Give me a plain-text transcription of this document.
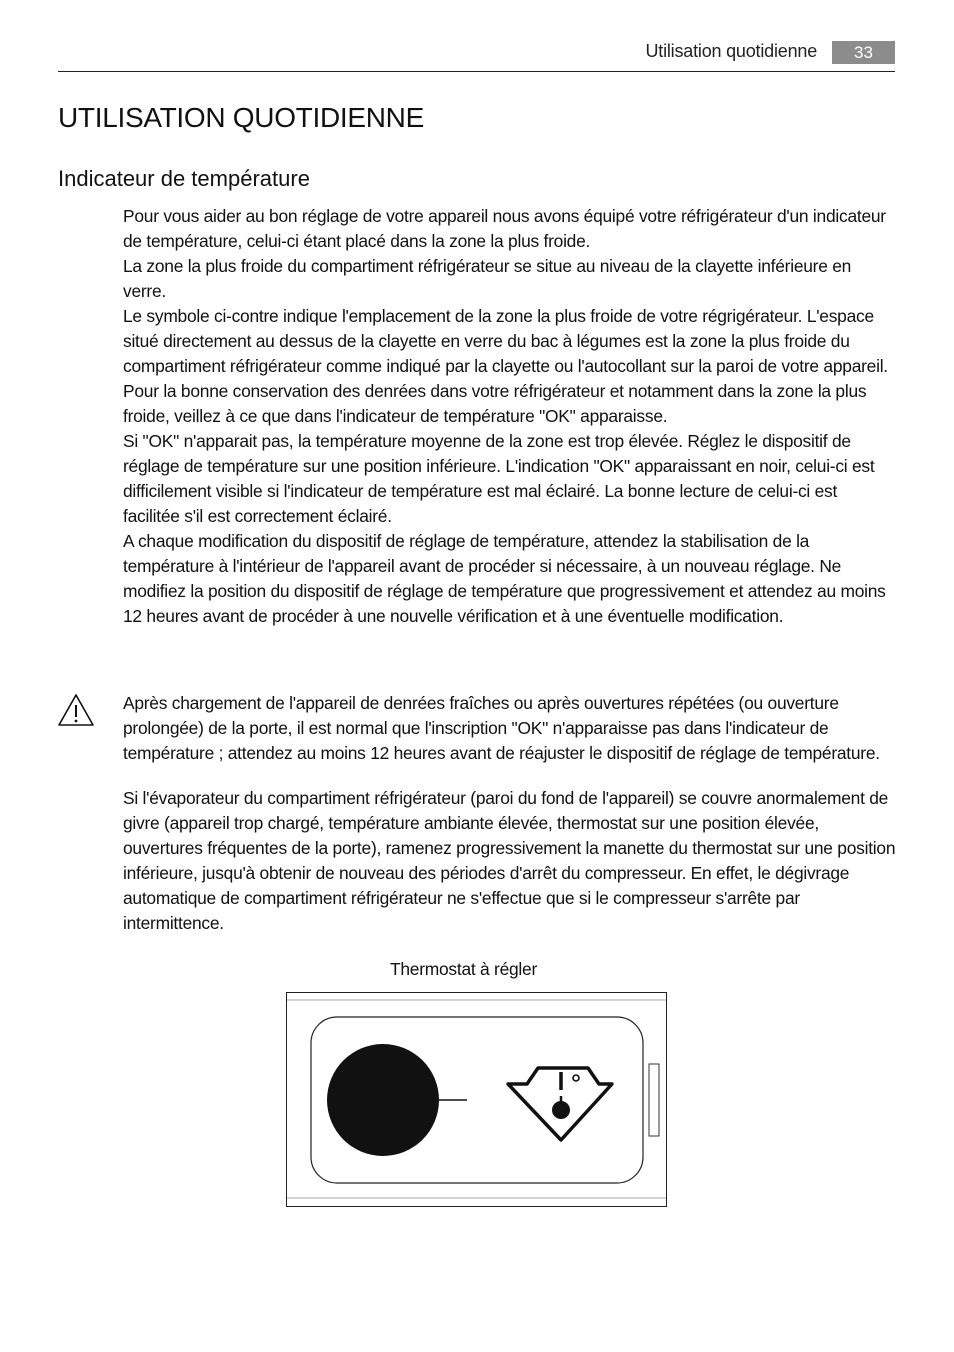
Utilisation quotidienne	33
UTILISATION QUOTIDIENNE
Indicateur de température

Pour vous aider au bon réglage de votre appareil nous avons équipé votre réfrigérateur d'un indicateur de température, celui-ci étant placé dans la zone la plus froide.

La zone la plus froide du compartiment réfrigérateur se situe au niveau de la clayette inférieure en verre.

Le symbole ci-contre indique l'emplacement de la zone la plus froide de votre régrigérateur. L'espace situé directement au dessus de la clayette en verre du bac à légumes est la zone la plus froide du compartiment réfrigérateur comme indiqué par la clayette ou l'autocollant sur la paroi de votre appareil.

Pour la bonne conservation des denrées dans votre réfrigérateur et notamment dans la zone la plus froide, veillez à ce que dans l'indicateur de température "OK" apparaisse.

Si "OK" n'apparait pas, la température moyenne de la zone est trop élevée. Réglez le dispositif de réglage de température sur une position inférieure. L'indication "OK" apparaissant en noir, celui-ci est difficilement visible si l'indicateur de température est mal éclairé. La bonne lecture de celui-ci est facilitée s'il est correctement éclairé.

A chaque modification du dispositif de réglage de température, attendez la stabilisation de la température à l'intérieur de l'appareil avant de procéder si nécessaire, à un nouveau réglage. Ne modifiez la position du dispositif de réglage de température que progressivement et attendez au moins 12 heures avant de procéder à une nouvelle vérification et à une éventuelle modification.

Après chargement de l'appareil de denrées fraîches ou après ouvertures répétées (ou ouverture prolongée) de la porte, il est normal que l'inscription "OK" n'apparaisse pas dans l'indicateur de température ; attendez au moins 12 heures avant de réajuster le dispositif de réglage de température.

Si l'évaporateur du compartiment réfrigérateur (paroi du fond de l'appareil) se couvre anormalement de givre (appareil trop chargé, température ambiante élevée, thermostat sur une position élevée, ouvertures fréquentes de la porte), ramenez progressivement la manette du thermostat sur une position inférieure, jusqu'à obtenir de nouveau des périodes d'arrêt du compresseur. En effet, le dégivrage automatique de compartiment réfrigérateur ne s'effectue que si le compresseur s'arrête par intermittence.

Thermostat à régler
